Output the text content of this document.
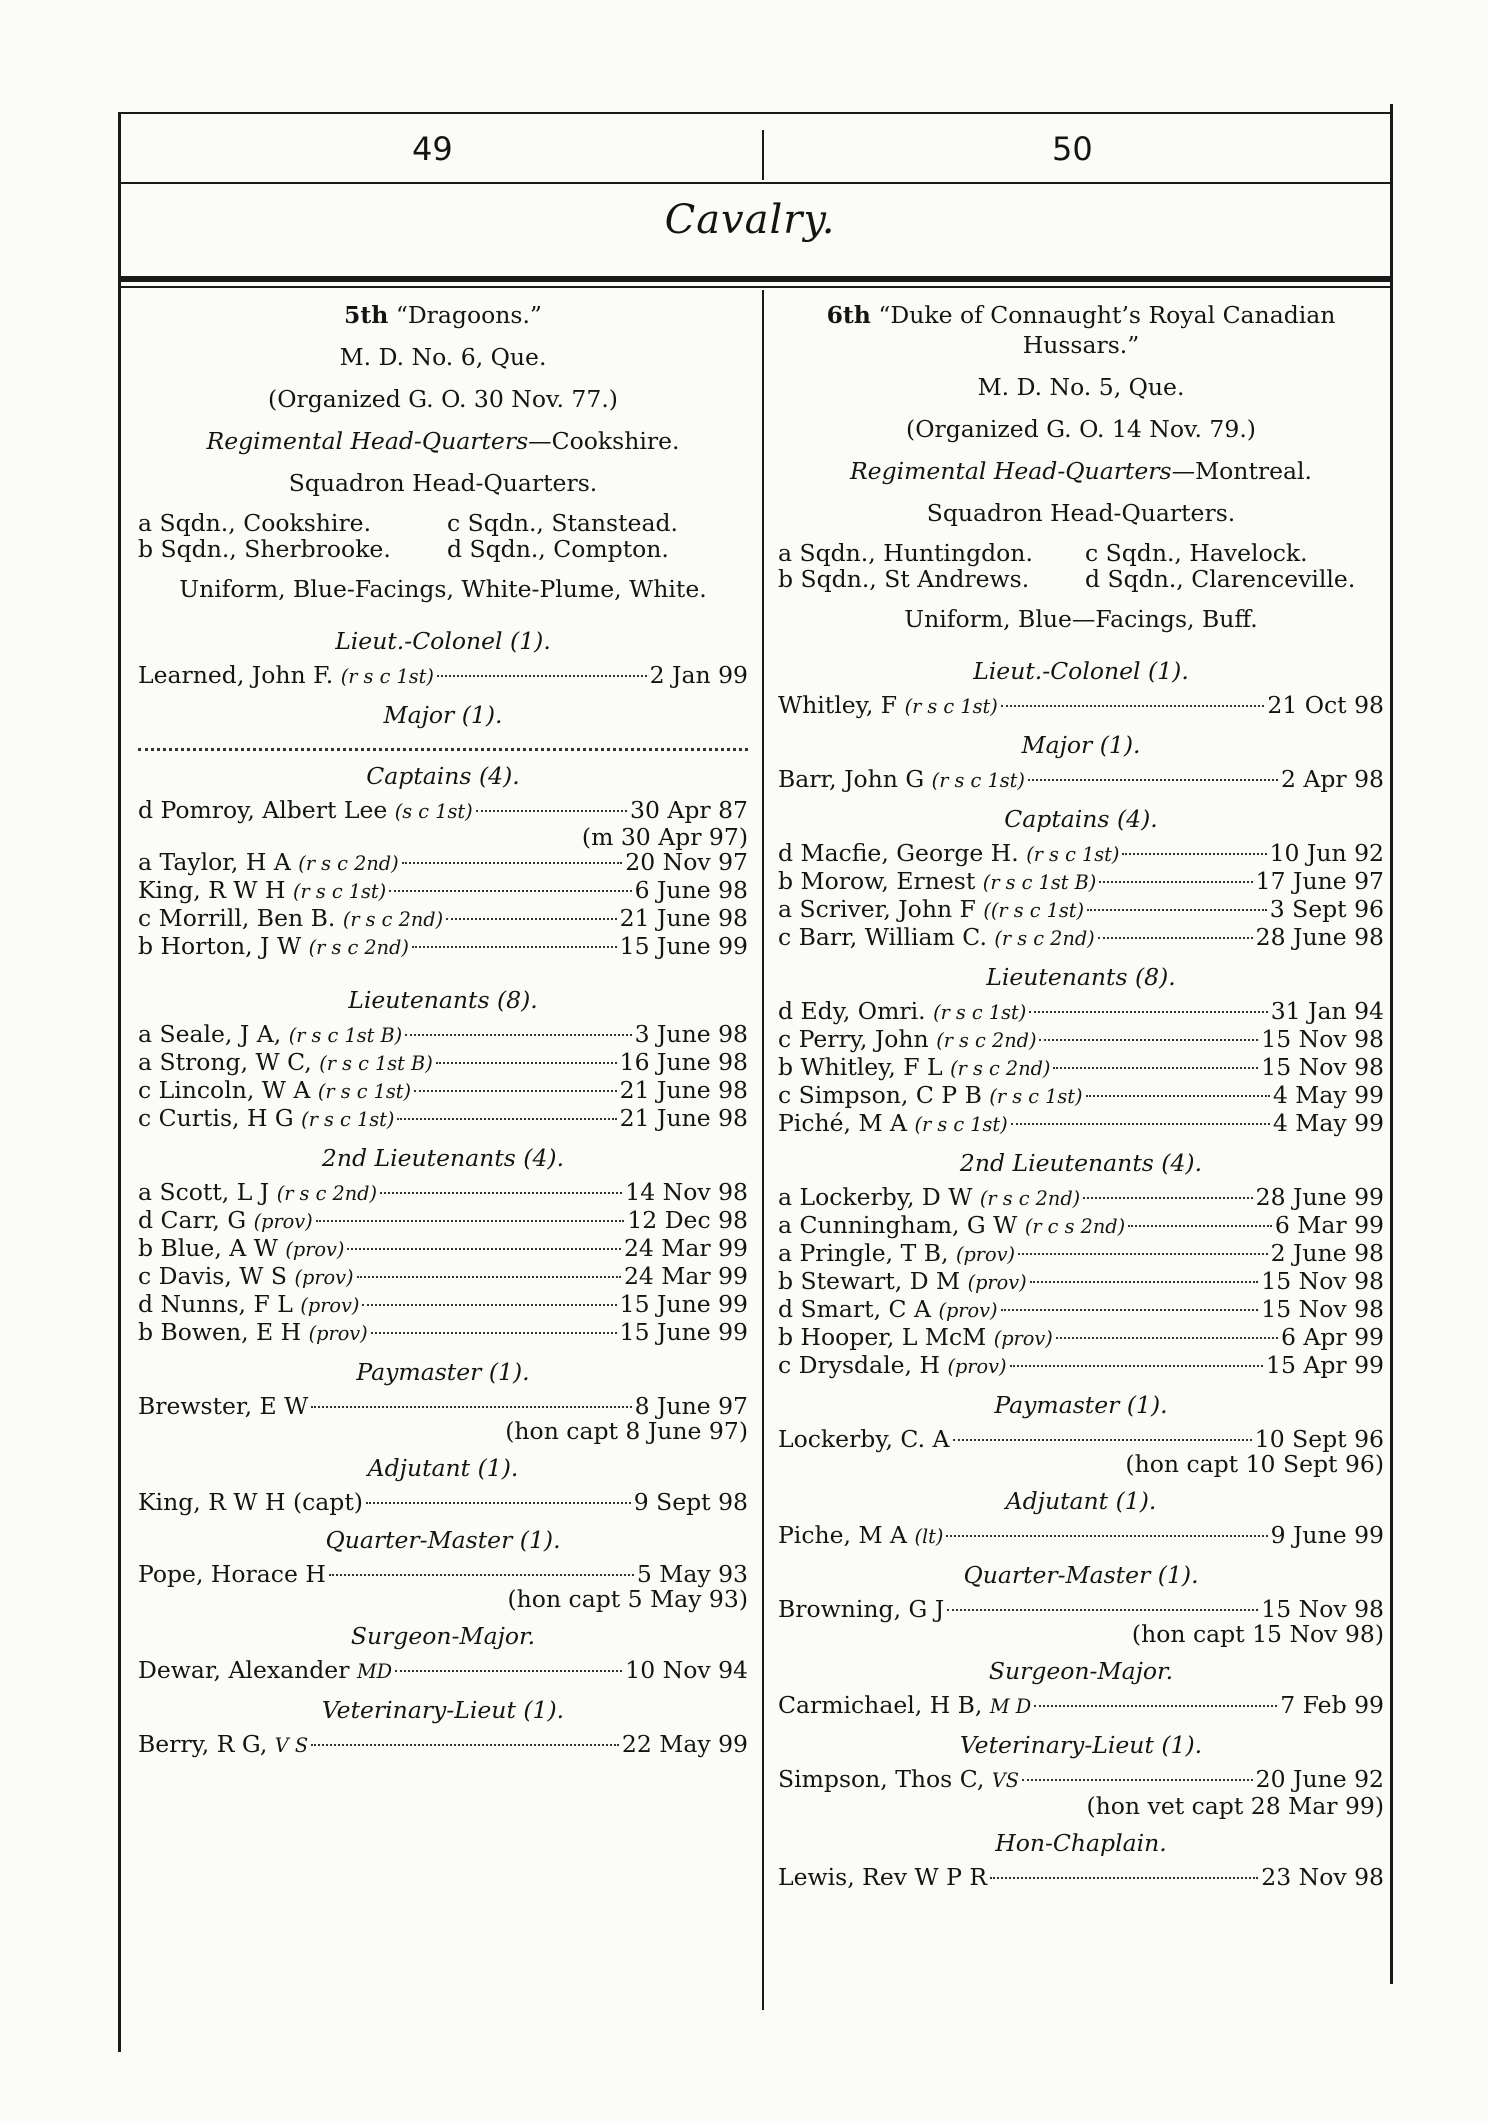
49	50
Cavalry.
5th “Dragoons.”
M. D. No. 6, Que.
(Organized G. O. 30 Nov. 77.)
Regimental Head-Quarters—Cookshire.
Squadron Head-Quarters.
a Sqdn., Cookshire.	c Sqdn., Stanstead.
b Sqdn., Sherbrooke.	d Sqdn., Compton.
Uniform, Blue-Facings, White-Plume, White.
Lieut.-Colonel (1).
Learned, John F. (r s c 1st)	2 Jan 99
Major (1).
Captains (4).
d Pomroy, Albert Lee (s c 1st)	30 Apr 87
(m 30 Apr 97)
a Taylor, H A (r s c 2nd)	20 Nov 97
King, R W H (r s c 1st)	6 June 98
c Morrill, Ben B. (r s c 2nd)	21 June 98
b Horton, J W (r s c 2nd)	15 June 99
Lieutenants (8).
a Seale, J A, (r s c 1st B)	3 June 98
a Strong, W C, (r s c 1st B)	16 June 98
c Lincoln, W A (r s c 1st)	21 June 98
c Curtis, H G (r s c 1st)	21 June 98
2nd Lieutenants (4).
a Scott, L J (r s c 2nd)	14 Nov 98
d Carr, G (prov)	12 Dec 98
b Blue, A W (prov)	24 Mar 99
c Davis, W S (prov)	24 Mar 99
d Nunns, F L (prov)	15 June 99
b Bowen, E H (prov)	15 June 99
Paymaster (1).
Brewster, E W	8 June 97
(hon capt 8 June 97)
Adjutant (1).
King, R W H (capt)	9 Sept 98
Quarter-Master (1).
Pope, Horace H	5 May 93
(hon capt 5 May 93)
Surgeon-Major.
Dewar, Alexander MD	10 Nov 94
Veterinary-Lieut (1).
Berry, R G, V S	22 May 99
6th “Duke of Connaught’s Royal Canadian
Hussars.”
M. D. No. 5, Que.
(Organized G. O. 14 Nov. 79.)
Regimental Head-Quarters—Montreal.
Squadron Head-Quarters.
a Sqdn., Huntingdon.	c Sqdn., Havelock.
b Sqdn., St Andrews.	d Sqdn., Clarenceville.
Uniform, Blue—Facings, Buff.
Lieut.-Colonel (1).
Whitley, F (r s c 1st)	21 Oct 98
Major (1).
Barr, John G (r s c 1st)	2 Apr 98
Captains (4).
d Macfie, George H. (r s c 1st)	10 Jun 92
b Morow, Ernest (r s c 1st B)	17 June 97
a Scriver, John F ((r s c 1st)	3 Sept 96
c Barr, William C. (r s c 2nd)	28 June 98
Lieutenants (8).
d Edy, Omri. (r s c 1st)	31 Jan 94
c Perry, John (r s c 2nd)	15 Nov 98
b Whitley, F L (r s c 2nd)	15 Nov 98
c Simpson, C P B (r s c 1st)	4 May 99
Piché, M A (r s c 1st)	4 May 99
2nd Lieutenants (4).
a Lockerby, D W (r s c 2nd)	28 June 99
a Cunningham, G W (r c s 2nd)	6 Mar 99
a Pringle, T B, (prov)	2 June 98
b Stewart, D M (prov)	15 Nov 98
d Smart, C A (prov)	15 Nov 98
b Hooper, L McM (prov)	6 Apr 99
c Drysdale, H (prov)	15 Apr 99
Paymaster (1).
Lockerby, C. A	10 Sept 96
(hon capt 10 Sept 96)
Adjutant (1).
Piche, M A (lt)	9 June 99
Quarter-Master (1).
Browning, G J	15 Nov 98
(hon capt 15 Nov 98)
Surgeon-Major.
Carmichael, H B, M D	7 Feb 99
Veterinary-Lieut (1).
Simpson, Thos C, VS	20 June 92
(hon vet capt 28 Mar 99)
Hon-Chaplain.
Lewis, Rev W P R	23 Nov 98
